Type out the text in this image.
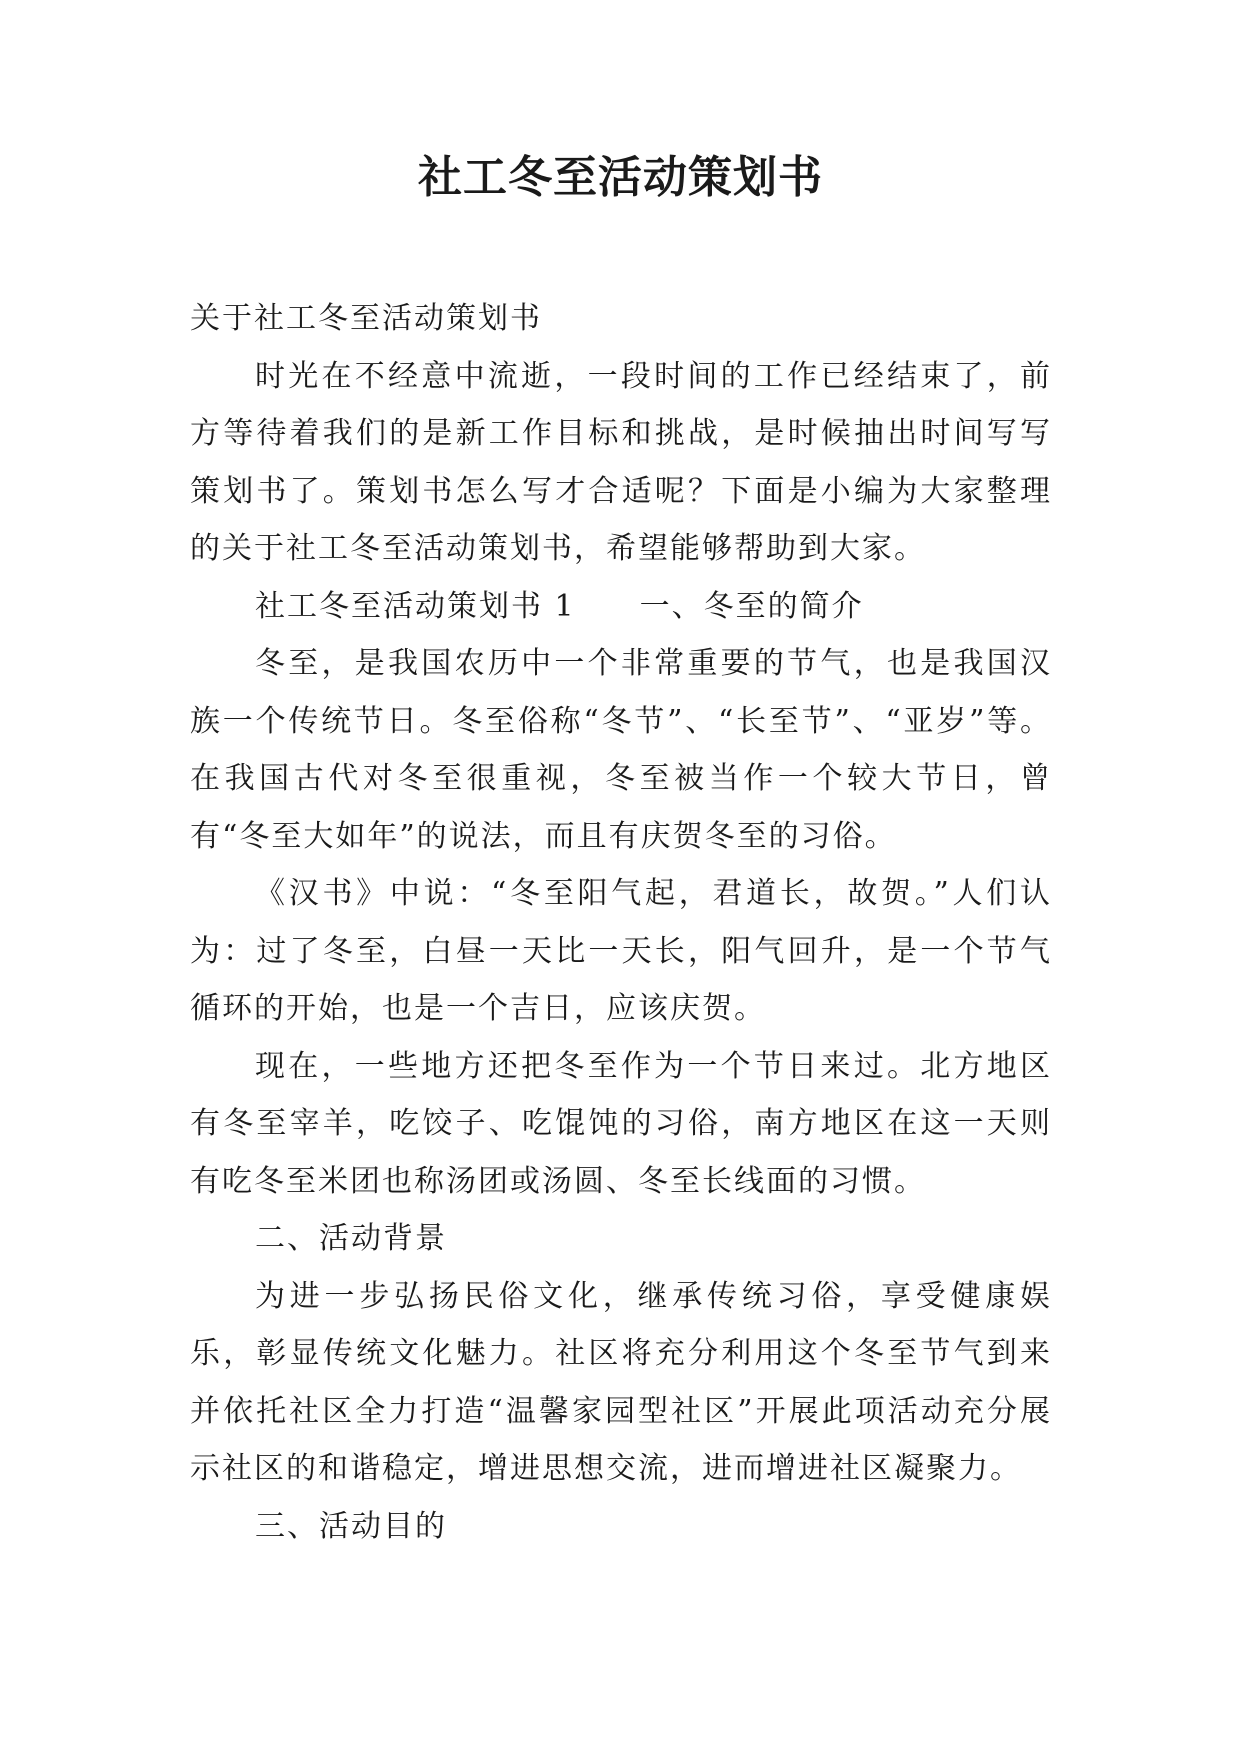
社工冬至活动策划书

关于社工冬至活动策划书

时光在不经意中流逝，一段时间的工作已经结束了，前方等待着我们的是新工作目标和挑战，是时候抽出时间写写策划书了。策划书怎么写才合适呢？下面是小编为大家整理的关于社工冬至活动策划书，希望能够帮助到大家。

社工冬至活动策划书 1　　一、冬至的简介

冬至，是我国农历中一个非常重要的节气，也是我国汉族一个传统节日。冬至俗称“冬节”、“长至节”、“亚岁”等。在我国古代对冬至很重视，冬至被当作一个较大节日，曾有“冬至大如年”的说法，而且有庆贺冬至的习俗。

《汉书》中说：“冬至阳气起，君道长，故贺。”人们认为：过了冬至，白昼一天比一天长，阳气回升，是一个节气循环的开始，也是一个吉日，应该庆贺。

现在，一些地方还把冬至作为一个节日来过。北方地区有冬至宰羊，吃饺子、吃馄饨的习俗，南方地区在这一天则有吃冬至米团也称汤团或汤圆、冬至长线面的习惯。

二、活动背景

为进一步弘扬民俗文化，继承传统习俗，享受健康娱乐，彰显传统文化魅力。社区将充分利用这个冬至节气到来并依托社区全力打造“温馨家园型社区”开展此项活动充分展示社区的和谐稳定，增进思想交流，进而增进社区凝聚力。

三、活动目的
